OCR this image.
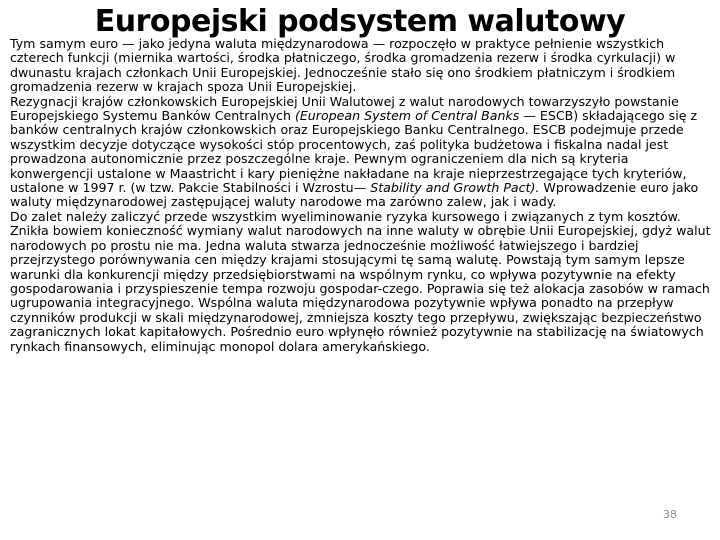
Europejski podsystem walutowy

Tym samym euro — jako jedyna waluta międzynarodowa — rozpoczęło w praktyce pełnienie wszystkich czterech funkcji (miernika wartości, środka płatniczego, środka gromadzenia rezerw i środka cyrkulacji) w dwunastu krajach członkach Unii Europejskiej. Jednocześnie stało się ono środkiem płatniczym i środkiem gromadzenia rezerw w krajach spoza Unii Europejskiej.

Rezygnacji krajów członkowskich Europejskiej Unii Walutowej z walut narodowych towarzyszyło powstanie Europejskiego Systemu Banków Centralnych (European System of Central Banks — ESCB) składającego się z banków centralnych krajów członkowskich oraz Europejskiego Banku Centralnego. ESCB podejmuje przede wszystkim decyzje dotyczące wysokości stóp procentowych, zaś polityka budżetowa i fiskalna nadal jest prowadzona autonomicznie przez poszczególne kraje. Pewnym ograniczeniem dla nich są kryteria konwergencji ustalone w Maastricht i kary pieniężne nakładane na kraje nieprzestrzegające tych kryteriów, ustalone w 1997 r. (w tzw. Pakcie Stabilności i Wzrostu— Stability and Growth Pact). Wprowadzenie euro jako waluty międzynarodowej zastępującej waluty narodowe ma zarówno zalew, jak i wady.

Do zalet należy zaliczyć przede wszystkim wyeliminowanie ryzyka kursowego i związanych z tym kosztów. Znikła bowiem konieczność wymiany walut narodowych na inne waluty w obrębie Unii Europejskiej, gdyż walut narodowych po prostu nie ma. Jedna waluta stwarza jednocześnie możliwość łatwiejszego i bardziej przejrzystego porównywania cen między krajami stosującymi tę samą walutę. Powstają tym samym lepsze warunki dla konkurencji między przedsiębiorstwami na wspólnym rynku, co wpływa pozytywnie na efekty gospodarowania i przyspieszenie tempa rozwoju gospodar-czego. Poprawia się też alokacja zasobów w ramach ugrupowania integracyjnego. Wspólna waluta międzynarodowa pozytywnie wpływa ponadto na przepływ czynników produkcji w skali międzynarodowej, zmniejsza koszty tego przepływu, zwiększając bezpieczeństwo zagranicznych lokat kapitałowych. Pośrednio euro wpłynęło również pozytywnie na stabilizację na światowych rynkach finansowych, eliminując monopol dolara amerykańskiego.

38
